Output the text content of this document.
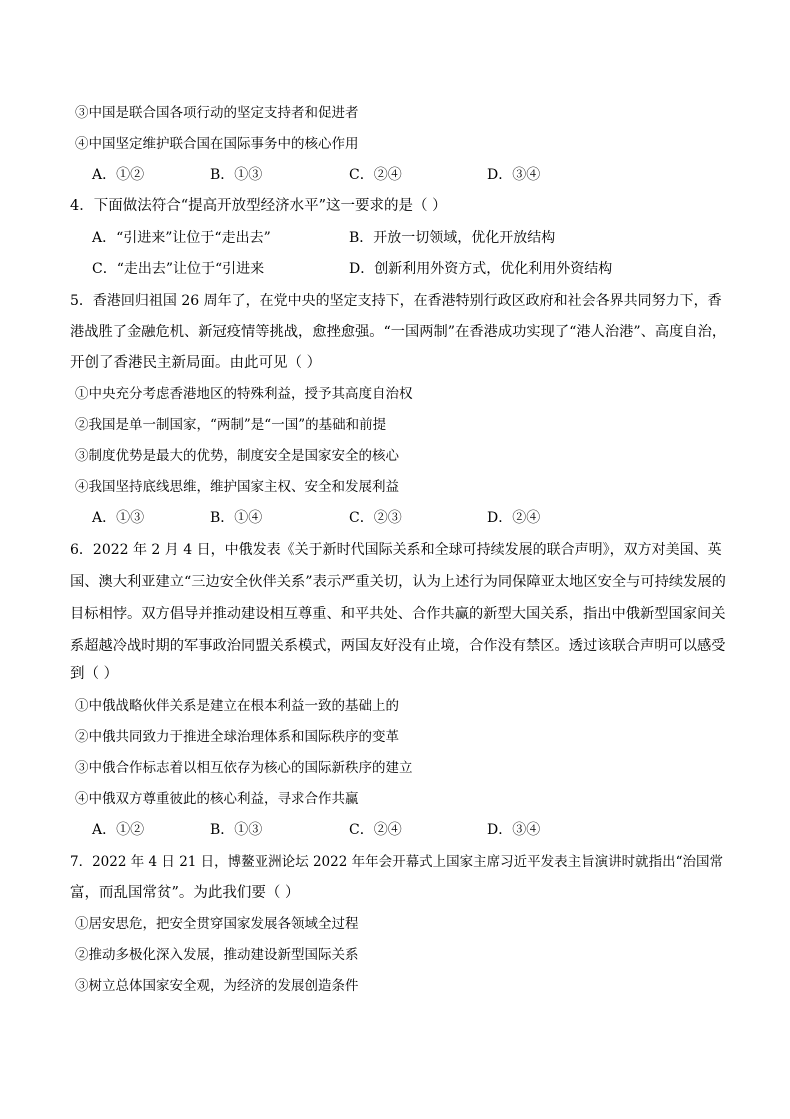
③中国是联合国各项行动的坚定支持者和促进者
④中国坚定维护联合国在国际事务中的核心作用
A．①②	B．①③	C．②④	D．③④
4．下面做法符合“提高开放型经济水平”这一要求的是（ ）
A．“引进来”让位于“走出去”	B．开放一切领域，优化开放结构
C．“走出去”让位于“引进来	D．创新利用外资方式，优化利用外资结构
5．香港回归祖国 26 周年了，在党中央的坚定支持下，在香港特别行政区政府和社会各界共同努力下，香
港战胜了金融危机、新冠疫情等挑战，愈挫愈强。“一国两制”在香港成功实现了“港人治港”、高度自治，
开创了香港民主新局面。由此可见（ ）
①中央充分考虑香港地区的特殊利益，授予其高度自治权
②我国是单一制国家，“两制”是“一国”的基础和前提
③制度优势是最大的优势，制度安全是国家安全的核心
④我国坚持底线思维，维护国家主权、安全和发展利益
A．①③	B．①④	C．②③	D．②④
6．2022 年 2 月 4 日，中俄发表《关于新时代国际关系和全球可持续发展的联合声明》，双方对美国、英
国、澳大利亚建立“三边安全伙伴关系”表示严重关切，认为上述行为同保障亚太地区安全与可持续发展的
目标相悖。双方倡导并推动建设相互尊重、和平共处、合作共赢的新型大国关系，指出中俄新型国家间关
系超越冷战时期的军事政治同盟关系模式，两国友好没有止境，合作没有禁区。透过该联合声明可以感受
到（ ）
①中俄战略伙伴关系是建立在根本利益一致的基础上的
②中俄共同致力于推进全球治理体系和国际秩序的变革
③中俄合作标志着以相互依存为核心的国际新秩序的建立
④中俄双方尊重彼此的核心利益，寻求合作共赢
A．①②	B．①③	C．②④	D．③④
7．2022 年 4 日 21 日，博鳌亚洲论坛 2022 年年会开幕式上国家主席习近平发表主旨演讲时就指出“治国常
富，而乱国常贫”。为此我们要（ ）
①居安思危，把安全贯穿国家发展各领域全过程
②推动多极化深入发展，推动建设新型国际关系
③树立总体国家安全观，为经济的发展创造条件
